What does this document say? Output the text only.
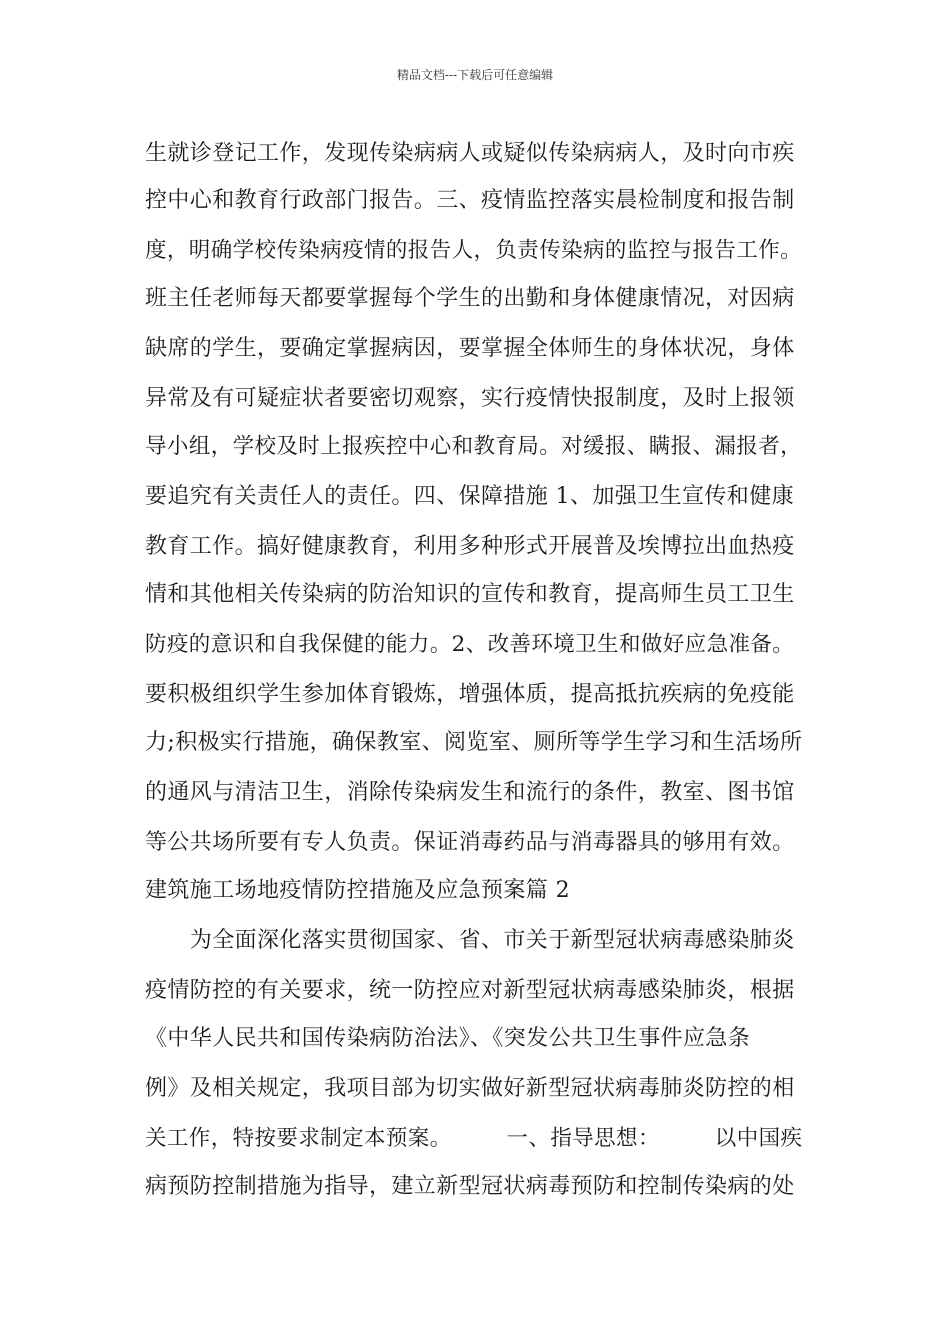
精品文档---下载后可任意编辑
生就诊登记工作，发现传染病病人或疑似传染病病人，及时向市疾
控中心和教育行政部门报告。三、疫情监控落实晨检制度和报告制
度，明确学校传染病疫情的报告人，负责传染病的监控与报告工作。
班主任老师每天都要掌握每个学生的出勤和身体健康情况，对因病
缺席的学生，要确定掌握病因，要掌握全体师生的身体状况，身体
异常及有可疑症状者要密切观察，实行疫情快报制度，及时上报领
导小组，学校及时上报疾控中心和教育局。对缓报、瞒报、漏报者，
要追究有关责任人的责任。四、保障措施 1、加强卫生宣传和健康
教育工作。搞好健康教育，利用多种形式开展普及埃博拉出血热疫
情和其他相关传染病的防治知识的宣传和教育，提高师生员工卫生
防疫的意识和自我保健的能力。2、改善环境卫生和做好应急准备。
要积极组织学生参加体育锻炼，增强体质，提高抵抗疾病的免疫能
力;积极实行措施，确保教室、阅览室、厕所等学生学习和生活场所
的通风与清洁卫生，消除传染病发生和流行的条件，教室、图书馆
等公共场所要有专人负责。保证消毒药品与消毒器具的够用有效。
建筑施工场地疫情防控措施及应急预案篇 2
　　为全面深化落实贯彻国家、省、市关于新型冠状病毒感染肺炎
疫情防控的有关要求，统一防控应对新型冠状病毒感染肺炎，根据
《中华人民共和国传染病防治法》、《突发公共卫生事件应急条
例》及相关规定，我项目部为切实做好新型冠状病毒肺炎防控的相
关工作，特按要求制定本预案。　　　一、指导思想：　　　以中国疾
病预防控制措施为指导，建立新型冠状病毒预防和控制传染病的处
